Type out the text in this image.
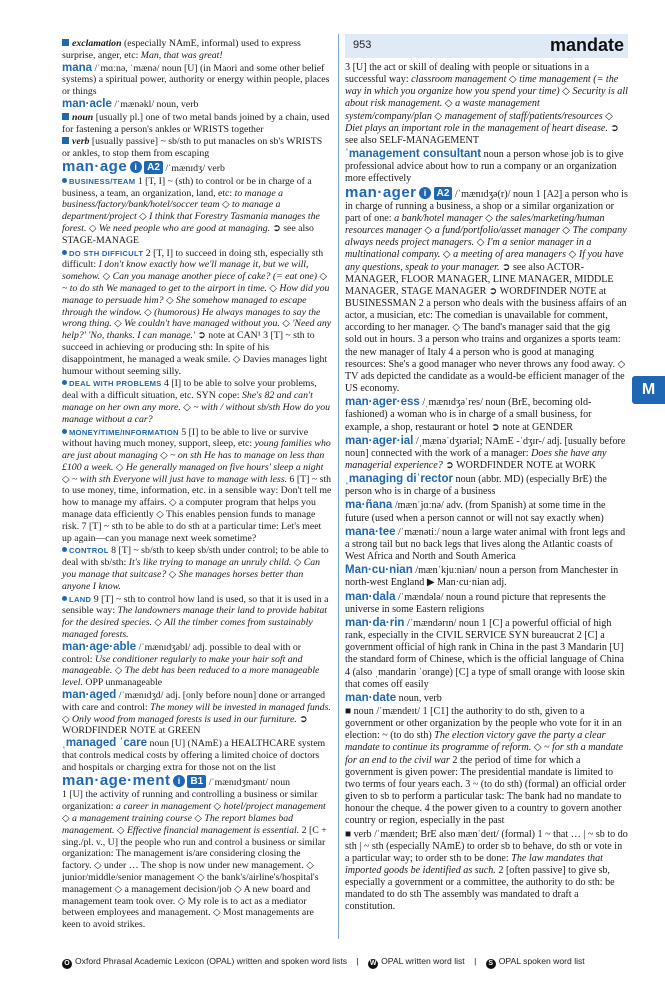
953	mandate

exclamation (especially NAmE, informal) used to express surprise, anger, etc: Man, that was great!

mana /ˈmɑːnə, ˈmænə/ noun [U] (in Maori and some other belief systems) a spiritual power, authority or energy within people, places or things

man·acle /ˈmænəkl/ noun, verb

noun [usually pl.] one of two metal bands joined by a chain, used for fastening a person's ankles or WRISTS together

verb [usually passive] ~ sb/sth to put manacles on sb's WRISTS or ankles, to stop them from escaping

man·age i A2 /ˈmænɪdʒ/ verb

BUSINESS/TEAM 1 [T, I] ~ (sth) to control or be in charge of a business, a team, an organization, land, etc: to manage a business/factory/bank/hotel/soccer team ◇ to manage a department/project ◇ I think that Forestry Tasmania manages the forest. ◇ We need people who are good at managing. ➲ see also STAGE-MANAGE

DO STH DIFFICULT 2 [T, I] to succeed in doing sth, especially sth difficult: I don't know exactly how we'll manage it, but we will, somehow. ◇ Can you manage another piece of cake? (= eat one) ◇ ~ to do sth We managed to get to the airport in time. ◇ How did you manage to persuade him? ◇ She somehow managed to escape through the window. ◇ (humorous) He always manages to say the wrong thing. ◇ We couldn't have managed without you. ◇ 'Need any help?' 'No, thanks. I can manage.' ➲ note at CAN¹ 3 [T] ~ sth to succeed in achieving or producing sth: In spite of his disappointment, he managed a weak smile. ◇ Davies manages light humour without seeming silly.

DEAL WITH PROBLEMS 4 [I] to be able to solve your problems, deal with a difficult situation, etc. SYN cope: She's 82 and can't manage on her own any more. ◇ ~ with / without sb/sth How do you manage without a car?

MONEY/TIME/INFORMATION 5 [I] to be able to live or survive without having much money, support, sleep, etc: young families who are just about managing ◇ ~ on sth He has to manage on less than £100 a week. ◇ He generally managed on five hours' sleep a night ◇ ~ with sth Everyone will just have to manage with less. 6 [T] ~ sth to use money, time, information, etc. in a sensible way: Don't tell me how to manage my affairs. ◇ a computer program that helps you manage data efficiently ◇ This enables pension funds to manage risk. 7 [T] ~ sth to be able to do sth at a particular time: Let's meet up again—can you manage next week sometime?

CONTROL 8 [T] ~ sb/sth to keep sb/sth under control; to be able to deal with sb/sth: It's like trying to manage an unruly child. ◇ Can you manage that suitcase? ◇ She manages horses better than anyone I know.

LAND 9 [T] ~ sth to control how land is used, so that it is used in a sensible way: The landowners manage their land to provide habitat for the desired species. ◇ All the timber comes from sustainably managed forests.

man·age·able /ˈmænɪdʒəbl/ adj. possible to deal with or control: Use conditioner regularly to make your hair soft and manageable. ◇ The debt has been reduced to a more manageable level. OPP unmanageable

man·aged /ˈmænɪdʒd/ adj. [only before noun] done or arranged with care and control: The money will be invested in managed funds. ◇ Only wood from managed forests is used in our furniture. ➲ WORDFINDER NOTE at GREEN

ˌmanaged ˈcare noun [U] (NAmE) a HEALTHCARE system that controls medical costs by offering a limited choice of doctors and hospitals or charging extra for those not on the list

man·age·ment i B1 /ˈmænɪdʒmənt/ noun

1 [U] the activity of running and controlling a business or similar organization: a career in management ◇ hotel/project management ◇ a management training course ◇ The report blames bad management. ◇ Effective financial management is essential. 2 [C + sing./pl. v., U] the people who run and control a business or similar organization: The management is/are considering closing the factory. ◇ under … The shop is now under new management. ◇ junior/middle/senior management ◇ the bank's/airline's/hospital's management ◇ a management decision/job ◇ A new board and management team took over. ◇ My role is to act as a mediator between employees and management. ◇ Most managements are keen to avoid strikes.

3 [U] the act or skill of dealing with people or situations in a successful way: classroom management ◇ time management (= the way in which you organize how you spend your time) ◇ Security is all about risk management. ◇ a waste management system/company/plan ◇ management of staff/patients/resources ◇ Diet plays an important role in the management of heart disease. ➲ see also SELF-MANAGEMENT

ˈmanagement consultant noun a person whose job is to give professional advice about how to run a company or an organization more effectively

man·ager i A2 /ˈmænɪdʒə(r)/ noun 1 [A2] a person who is in charge of running a business, a shop or a similar organization or part of one: a bank/hotel manager ◇ the sales/marketing/human resources manager ◇ a fund/portfolio/asset manager ◇ The company always needs project managers. ◇ I'm a senior manager in a multinational company. ◇ a meeting of area managers ◇ If you have any questions, speak to your manager. ➲ see also ACTOR-MANAGER, FLOOR MANAGER, LINE MANAGER, MIDDLE MANAGER, STAGE MANAGER ➲ WORDFINDER NOTE at BUSINESSMAN 2 a person who deals with the business affairs of an actor, a musician, etc: The comedian is unavailable for comment, according to her manager. ◇ The band's manager said that the gig sold out in hours. 3 a person who trains and organizes a sports team: the new manager of Italy 4 a person who is good at managing resources: She's a good manager who never throws any food away. ◇ TV ads depicted the candidate as a would-be efficient manager of the US economy.

man·ager·ess /ˌmænɪdʒəˈres/ noun (BrE, becoming old-fashioned) a woman who is in charge of a small business, for example, a shop, restaurant or hotel ➲ note at GENDER

man·ager·ial /ˌmænəˈdʒɪəriəl; NAmE -ˈdʒɪr-/ adj. [usually before noun] connected with the work of a manager: Does she have any managerial experience? ➲ WORDFINDER NOTE at WORK

ˌmanaging diˈrector noun (abbr. MD) (especially BrE) the person who is in charge of a business

ma·ñana /mænˈjɑːnə/ adv. (from Spanish) at some time in the future (used when a person cannot or will not say exactly when)

mana·tee /ˈmænətiː/ noun a large water animal with front legs and a strong tail but no back legs that lives along the Atlantic coasts of West Africa and North and South America

Man·cu·nian /mænˈkjuːniən/ noun a person from Manchester in north-west England ▶ Man·cu·nian adj.

man·dala /ˈmændələ/ noun a round picture that represents the universe in some Eastern religions

man·da·rin /ˈmændərɪn/ noun 1 [C] a powerful official of high rank, especially in the CIVIL SERVICE SYN bureaucrat 2 [C] a government official of high rank in China in the past 3 Mandarin [U] the standard form of Chinese, which is the official language of China 4 (also ˌmandarin ˈorange) [C] a type of small orange with loose skin that comes off easily

man·date noun, verb

■ noun /ˈmændeɪt/ 1 [C1] the authority to do sth, given to a government or other organization by the people who vote for it in an election: ~ (to do sth) The election victory gave the party a clear mandate to continue its programme of reform. ◇ ~ for sth a mandate for an end to the civil war 2 the period of time for which a government is given power: The presidential mandate is limited to two terms of four years each. 3 ~ (to do sth) (formal) an official order given to sb to perform a particular task: The bank had no mandate to honour the cheque. 4 the power given to a country to govern another country or region, especially in the past

■ verb /ˈmændeɪt; BrE also mænˈdeɪt/ (formal) 1 ~ that … | ~ sb to do sth | ~ sth (especially NAmE) to order sb to behave, do sth or vote in a particular way; to order sth to be done: The law mandates that imported goods be identified as such. 2 [often passive] to give sb, especially a government or a committee, the authority to do sth: be mandated to do sth The assembly was mandated to draft a constitution.

M
O Oxford Phrasal Academic Lexicon (OPAL) written and spoken word lists | W OPAL written word list | S OPAL spoken word list
